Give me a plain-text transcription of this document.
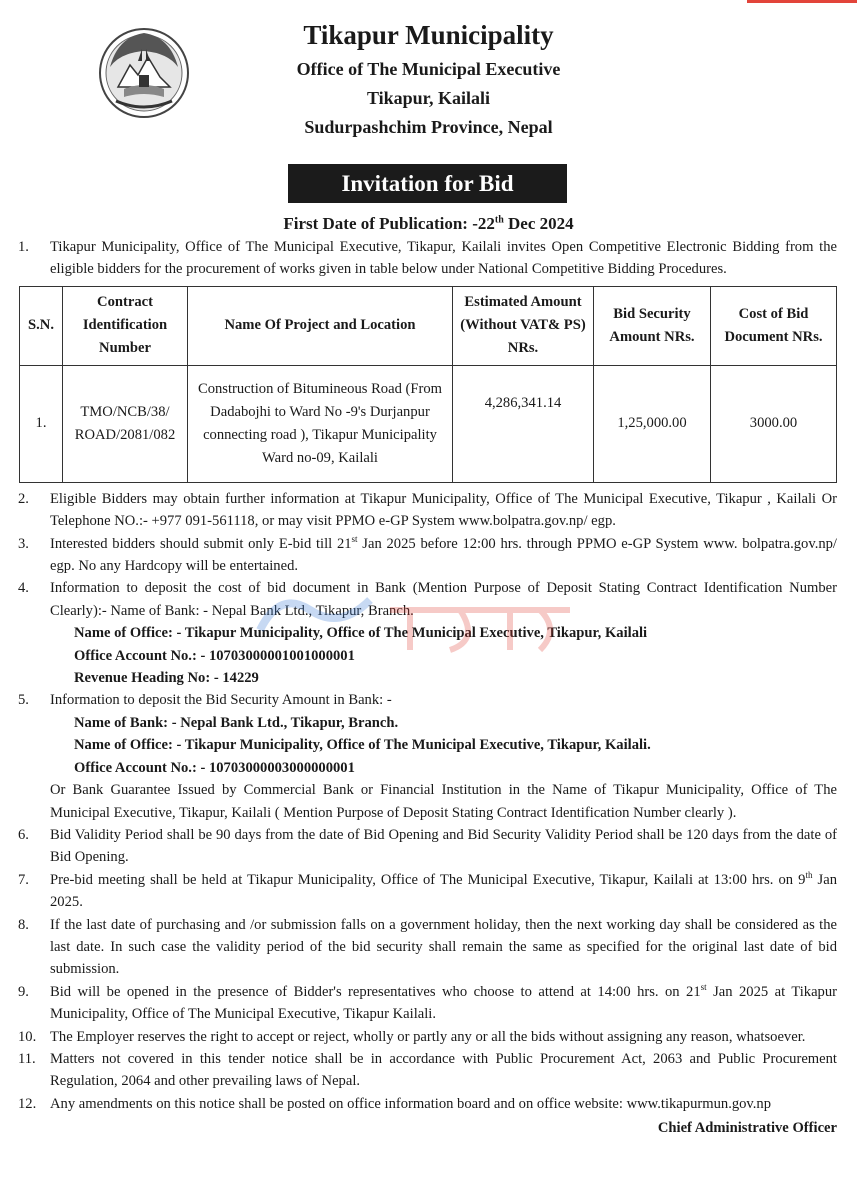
Tikapur Municipality
Office of The Municipal Executive
Tikapur, Kailali
Sudurpashchim Province, Nepal
Invitation for Bid
First Date of Publication: -22th Dec 2024
1. Tikapur Municipality, Office of The Municipal Executive, Tikapur, Kailali invites Open Competitive Electronic Bidding from the eligible bidders for the procurement of works given in table below under National Competitive Bidding Procedures.
S.N.	Contract Identification Number	Name Of Project and Location	Estimated Amount (Without VAT& PS) NRs.	Bid Security Amount NRs.	Cost of Bid Document NRs.
1.	TMO/NCB/38/ ROAD/2081/082	Construction of Bitumineous Road (From Dadabojhi to Ward No -9's Durjanpur connecting road ), Tikapur Municipality Ward no-09, Kailali	4,286,341.14	1,25,000.00	3000.00
2. Eligible Bidders may obtain further information at Tikapur Municipality, Office of The Municipal Executive, Tikapur , Kailali Or Telephone NO.:- +977 091-561118, or may visit PPMO e-GP System www.bolpatra.gov.np/ egp.
3. Interested bidders should submit only E-bid till 21st Jan 2025 before 12:00 hrs. through PPMO e-GP System www. bolpatra.gov.np/ egp. No any Hardcopy will be entertained.
4. Information to deposit the cost of bid document in Bank (Mention Purpose of Deposit Stating Contract Identification Number Clearly):- Name of Bank: - Nepal Bank Ltd., Tikapur, Branch.
Name of Office: - Tikapur Municipality, Office of The Municipal Executive, Tikapur, Kailali
Office Account No.: - 10703000001001000001
Revenue Heading No: - 14229
5. Information to deposit the Bid Security Amount in Bank: -
Name of Bank: - Nepal Bank Ltd., Tikapur, Branch.
Name of Office: - Tikapur Municipality, Office of The Municipal Executive, Tikapur, Kailali.
Office Account No.: - 10703000003000000001
Or Bank Guarantee Issued by Commercial Bank or Financial Institution in the Name of Tikapur Municipality, Office of The Municipal Executive, Tikapur, Kailali ( Mention Purpose of Deposit Stating Contract Identification Number clearly ).
6. Bid Validity Period shall be 90 days from the date of Bid Opening and Bid Security Validity Period shall be 120 days from the date of Bid Opening.
7. Pre-bid meeting shall be held at Tikapur Municipality, Office of The Municipal Executive, Tikapur, Kailali at 13:00 hrs. on 9th Jan 2025.
8. If the last date of purchasing and /or submission falls on a government holiday, then the next working day shall be considered as the last date. In such case the validity period of the bid security shall remain the same as specified for the original last date of bid submission.
9. Bid will be opened in the presence of Bidder's representatives who choose to attend at 14:00 hrs. on 21st Jan 2025 at Tikapur Municipality, Office of The Municipal Executive, Tikapur Kailali.
10. The Employer reserves the right to accept or reject, wholly or partly any or all the bids without assigning any reason, whatsoever.
11. Matters not covered in this tender notice shall be in accordance with Public Procurement Act, 2063 and Public Procurement Regulation, 2064 and other prevailing laws of Nepal.
12. Any amendments on this notice shall be posted on office information board and on office website: www.tikapurmun.gov.np
Chief Administrative Officer
